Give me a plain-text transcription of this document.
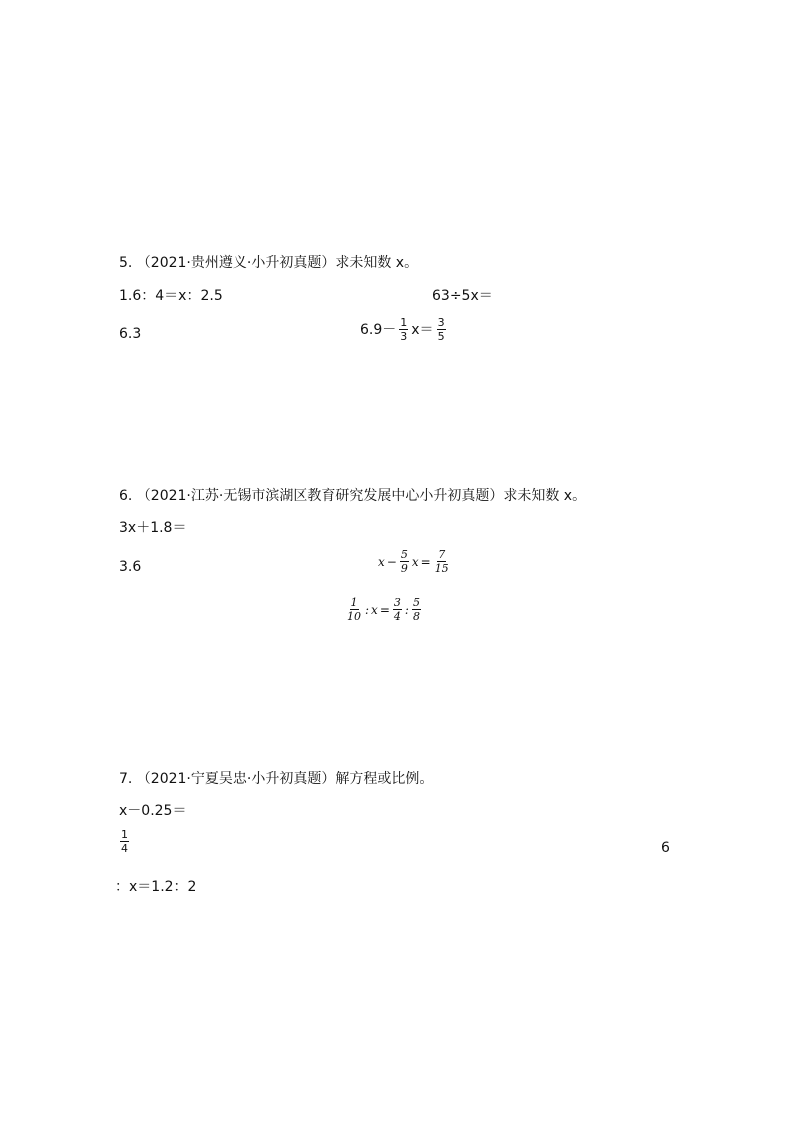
5. （2021·贵州遵义·小升初真题）求未知数 x。
1.6：4＝x：2.5	63÷5x＝
6.3	$6.9- \frac{1}{3} x= \frac{3}{5}$
6. （2021·江苏·无锡市滨湖区教育研究发展中心小升初真题）求未知数 x。
3x＋1.8＝
3.6	$x - \frac{5}{9}$ $x = \frac{7}{15}$
$\frac{1}{10}$ : $x = \frac{3}{4}$ : $\frac{5}{8}$
7. （2021·宁夏吴忠·小升初真题）解方程或比例。
x－0.25＝
$\frac{1}{4}$	6
：x＝1.2：2
